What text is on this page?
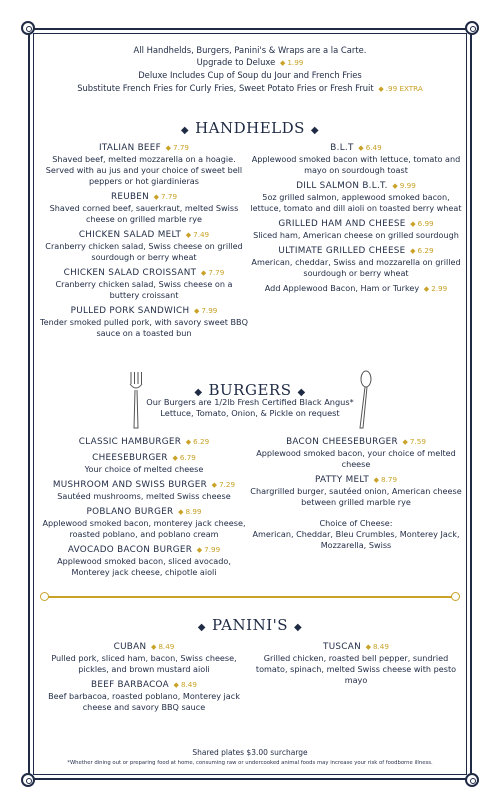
All Handhelds, Burgers, Panini's & Wraps are a la Carte.
Upgrade to Deluxe ◆ 1.99
Deluxe Includes Cup of Soup du Jour and French Fries
Substitute French Fries for Curly Fries, Sweet Potato Fries or Fresh Fruit ◆ .99 EXTRA
◆ HANDHELDS ◆
ITALIAN BEEF ◆ 7.79
Shaved beef, melted mozzarella on a hoagie. Served with au jus and your choice of sweet bell peppers or hot giardinieras
REUBEN ◆ 7.79
Shaved corned beef, sauerkraut, melted Swiss cheese on grilled marble rye
CHICKEN SALAD MELT ◆ 7.49
Cranberry chicken salad, Swiss cheese on grilled sourdough or berry wheat
CHICKEN SALAD CROISSANT ◆ 7.79
Cranberry chicken salad, Swiss cheese on a buttery croissant
PULLED PORK SANDWICH ◆ 7.99
Tender smoked pulled pork, with savory sweet BBQ sauce on a toasted bun
B.L.T ◆ 6.49
Applewood smoked bacon with lettuce, tomato and mayo on sourdough toast
DILL SALMON B.L.T. ◆ 9.99
5oz grilled salmon, applewood smoked bacon, lettuce, tomato and dill aioli on toasted berry wheat
GRILLED HAM AND CHEESE ◆ 6.99
Sliced ham, American cheese on grilled sourdough
ULTIMATE GRILLED CHEESE ◆ 6.29
American, cheddar, Swiss and mozzarella on grilled sourdough or berry wheat
Add Applewood Bacon, Ham or Turkey ◆ 2.99
◆ BURGERS ◆
Our Burgers are 1/2lb Fresh Certified Black Angus*
Lettuce, Tomato, Onion, & Pickle on request
CLASSIC HAMBURGER ◆ 6.29
CHEESEBURGER ◆ 6.79
Your choice of melted cheese
MUSHROOM AND SWISS BURGER ◆ 7.29
Sautéed mushrooms, melted Swiss cheese
POBLANO BURGER ◆ 8.99
Applewood smoked bacon, monterey jack cheese, roasted poblano, and poblano cream
AVOCADO BACON BURGER ◆ 7.99
Applewood smoked bacon, sliced avocado, Monterey jack cheese, chipotle aioli
BACON CHEESEBURGER ◆ 7.59
Applewood smoked bacon, your choice of melted cheese
PATTY MELT ◆ 8.79
Chargrilled burger, sautéed onion, American cheese between grilled marble rye
Choice of Cheese:
American, Cheddar, Bleu Crumbles, Monterey Jack, Mozzarella, Swiss
◆ PANINI'S ◆
CUBAN ◆ 8.49
Pulled pork, sliced ham, bacon, Swiss cheese, pickles, and brown mustard aioli
BEEF BARBACOA ◆ 8.49
Beef barbacoa, roasted poblano, Monterey jack cheese and savory BBQ sauce
TUSCAN ◆ 8.49
Grilled chicken, roasted bell pepper, sundried tomato, spinach, melted Swiss cheese with pesto mayo
Shared plates $3.00 surcharge
*Whether dining out or preparing food at home, consuming raw or undercooked animal foods may increase your risk of foodborne illness.
